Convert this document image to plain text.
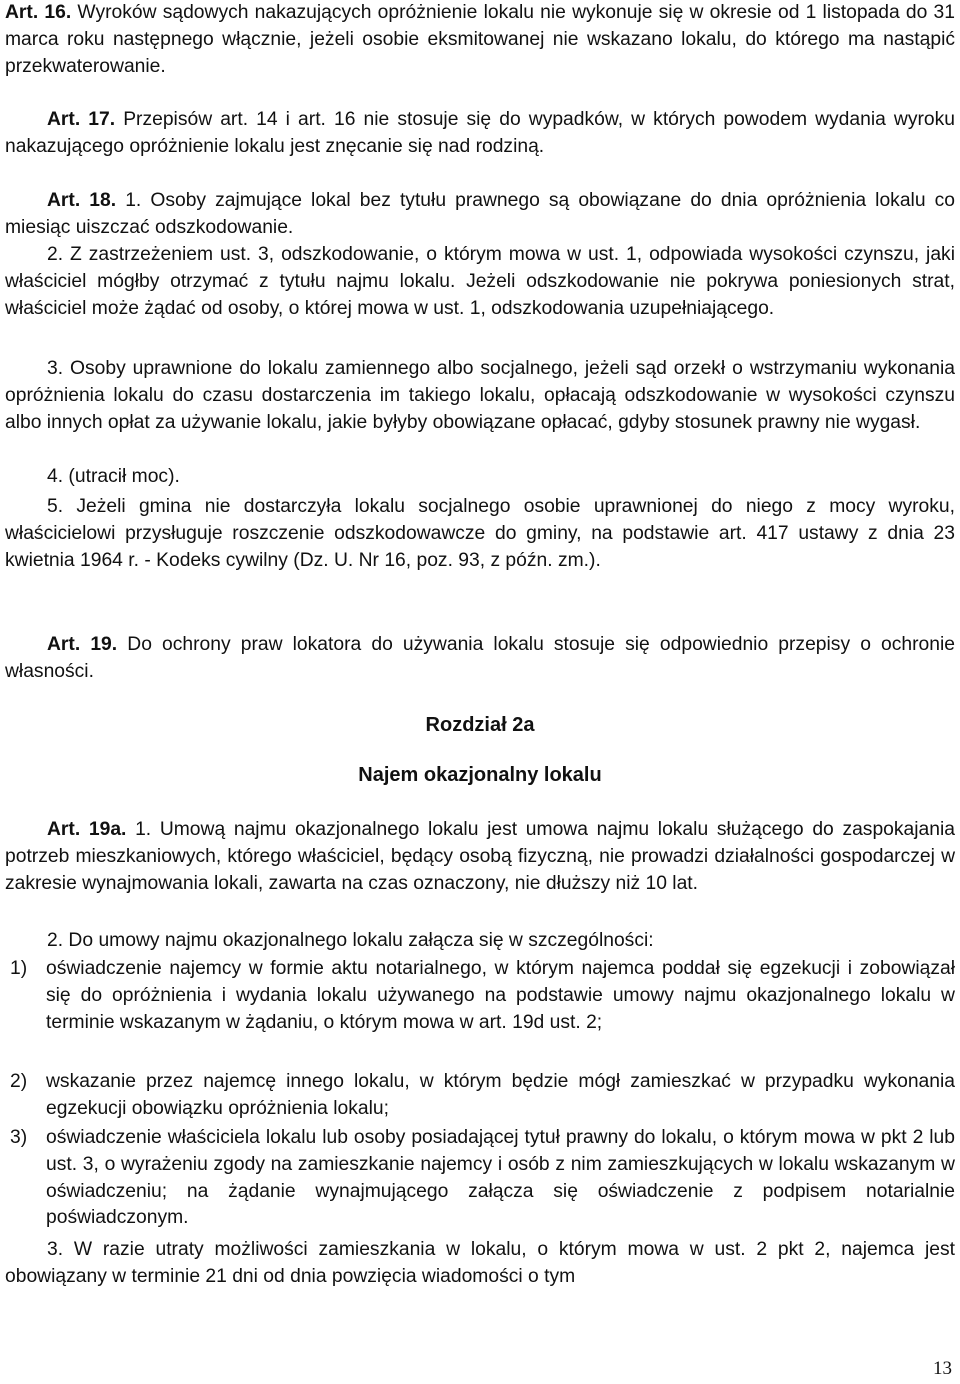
Art. 16. Wyroków sądowych nakazujących opróżnienie lokalu nie wykonuje się w okresie od 1 listopada do 31 marca roku następnego włącznie, jeżeli osobie eksmitowanej nie wskazano lokalu, do którego ma nastąpić przekwaterowanie.

Art. 17. Przepisów art. 14 i art. 16 nie stosuje się do wypadków, w których powodem wydania wyroku nakazującego opróżnienie lokalu jest znęcanie się nad rodziną.

Art. 18. 1. Osoby zajmujące lokal bez tytułu prawnego są obowiązane do dnia opróżnienia lokalu co miesiąc uiszczać odszkodowanie.

2. Z zastrzeżeniem ust. 3, odszkodowanie, o którym mowa w ust. 1, odpowiada wysokości czynszu, jaki właściciel mógłby otrzymać z tytułu najmu lokalu. Jeżeli odszkodowanie nie pokrywa poniesionych strat, właściciel może żądać od osoby, o której mowa w ust. 1, odszkodowania uzupełniającego.

3. Osoby uprawnione do lokalu zamiennego albo socjalnego, jeżeli sąd orzekł o wstrzymaniu wykonania opróżnienia lokalu do czasu dostarczenia im takiego lokalu, opłacają odszkodowanie w wysokości czynszu albo innych opłat za używanie lokalu, jakie byłyby obowiązane opłacać, gdyby stosunek prawny nie wygasł.

4. (utracił moc).

5. Jeżeli gmina nie dostarczyła lokalu socjalnego osobie uprawnionej do niego z mocy wyroku, właścicielowi przysługuje roszczenie odszkodowawcze do gminy, na podstawie art. 417 ustawy z dnia 23 kwietnia 1964 r. - Kodeks cywilny (Dz. U. Nr 16, poz. 93, z późn. zm.).

Art. 19. Do ochrony praw lokatora do używania lokalu stosuje się odpowiednio przepisy o ochronie własności.

Rozdział 2a

Najem okazjonalny lokalu

Art. 19a. 1. Umową najmu okazjonalnego lokalu jest umowa najmu lokalu służącego do zaspokajania potrzeb mieszkaniowych, którego właściciel, będący osobą fizyczną, nie prowadzi działalności gospodarczej w zakresie wynajmowania lokali, zawarta na czas oznaczony, nie dłuższy niż 10 lat.

2. Do umowy najmu okazjonalnego lokalu załącza się w szczególności:

1) oświadczenie najemcy w formie aktu notarialnego, w którym najemca poddał się egzekucji i zobowiązał się do opróżnienia i wydania lokalu używanego na podstawie umowy najmu okazjonalnego lokalu w terminie wskazanym w żądaniu, o którym mowa w art. 19d ust. 2;
2) wskazanie przez najemcę innego lokalu, w którym będzie mógł zamieszkać w przypadku wykonania egzekucji obowiązku opróżnienia lokalu;
3) oświadczenie właściciela lokalu lub osoby posiadającej tytuł prawny do lokalu, o którym mowa w pkt 2 lub ust. 3, o wyrażeniu zgody na zamieszkanie najemcy i osób z nim zamieszkujących w lokalu wskazanym w oświadczeniu; na żądanie wynajmującego załącza się oświadczenie z podpisem notarialnie poświadczonym.

3. W razie utraty możliwości zamieszkania w lokalu, o którym mowa w ust. 2 pkt 2, najemca jest obowiązany w terminie 21 dni od dnia powzięcia wiadomości o tym

13
